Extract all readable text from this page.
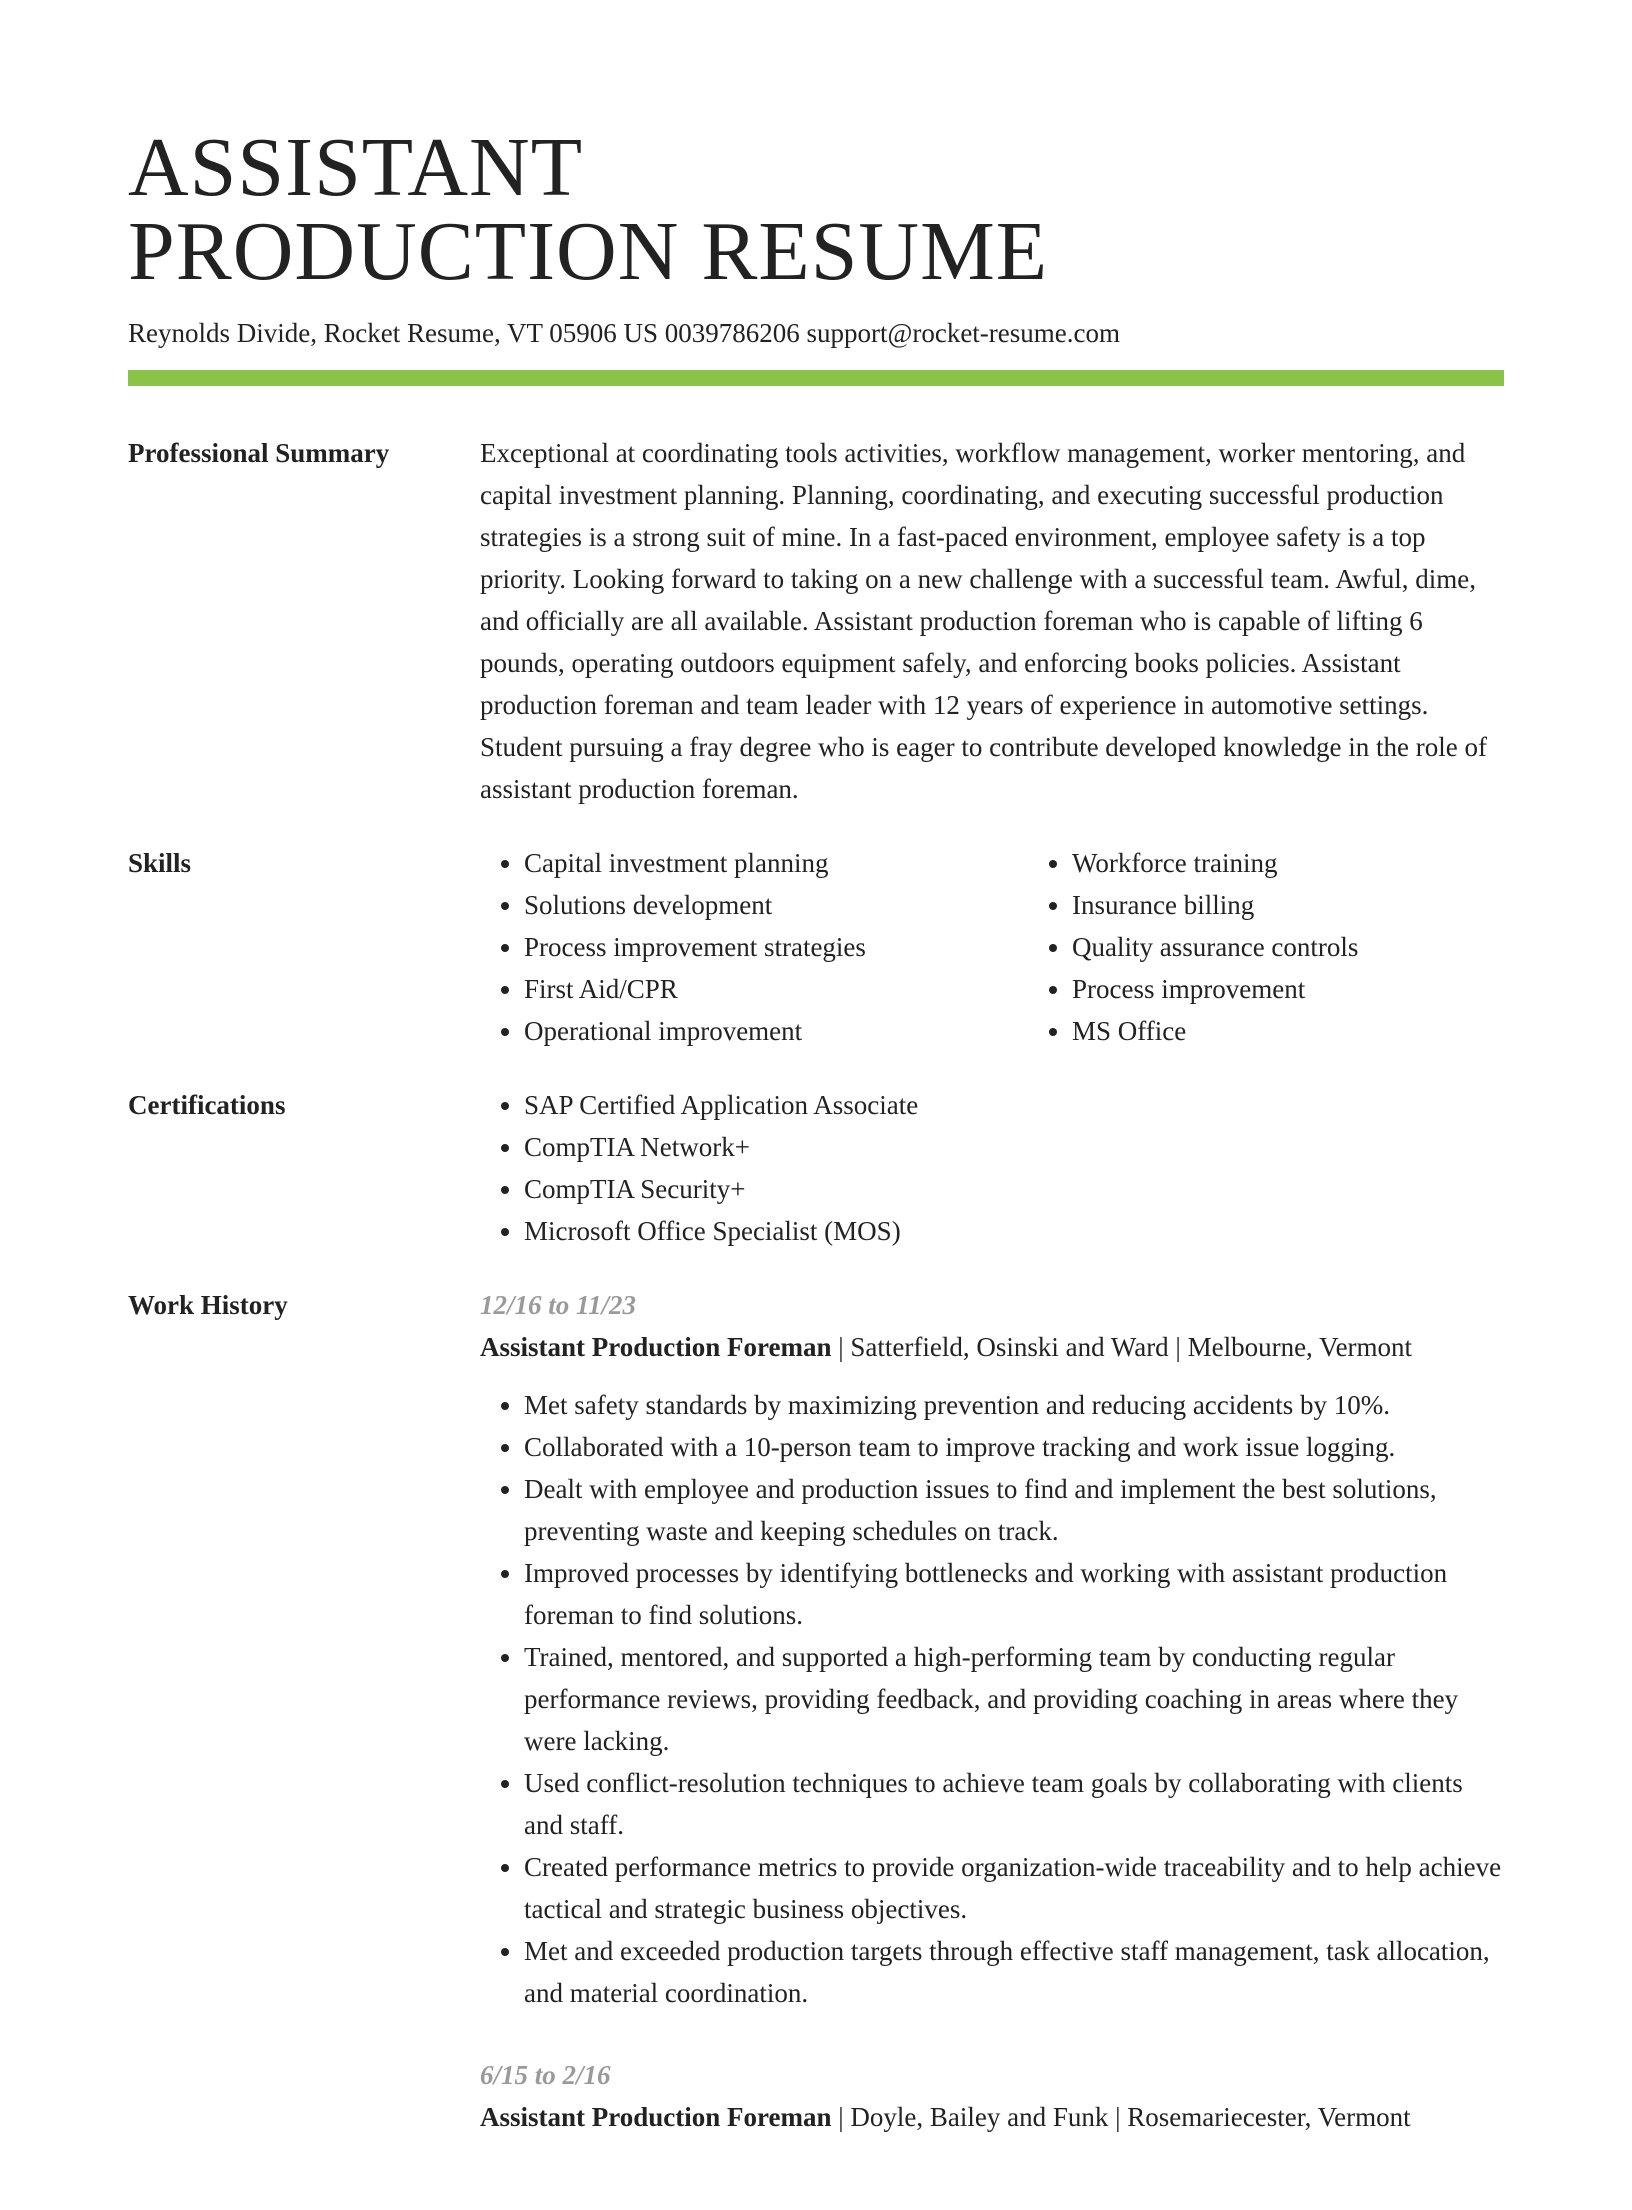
ASSISTANT
PRODUCTION RESUME
Reynolds Divide, Rocket Resume, VT 05906 US 0039786206 support@rocket-resume.com
Professional Summary	Exceptional at coordinating tools activities, workflow management, worker mentoring, and capital investment planning. Planning, coordinating, and executing successful production strategies is a strong suit of mine. In a fast-paced environment, employee safety is a top priority. Looking forward to taking on a new challenge with a successful team. Awful, dime, and officially are all available. Assistant production foreman who is capable of lifting 6 pounds, operating outdoors equipment safely, and enforcing books policies. Assistant production foreman and team leader with 12 years of experience in automotive settings. Student pursuing a fray degree who is eager to contribute developed knowledge in the role of assistant production foreman.

Skills	• Capital investment planning
• Solutions development
• Process improvement strategies
• First Aid/CPR
• Operational improvement
• Workforce training
• Insurance billing
• Quality assurance controls
• Process improvement
• MS Office
Certifications	• SAP Certified Application Associate
• CompTIA Network+
• CompTIA Security+
• Microsoft Office Specialist (MOS)
Work History	12/16 to 11/23
Assistant Production Foreman | Satterfield, Osinski and Ward | Melbourne, Vermont
• Met safety standards by maximizing prevention and reducing accidents by 10%.
• Collaborated with a 10-person team to improve tracking and work issue logging.
• Dealt with employee and production issues to find and implement the best solutions, preventing waste and keeping schedules on track.
• Improved processes by identifying bottlenecks and working with assistant production foreman to find solutions.
• Trained, mentored, and supported a high-performing team by conducting regular performance reviews, providing feedback, and providing coaching in areas where they were lacking.
• Used conflict-resolution techniques to achieve team goals by collaborating with clients and staff.
• Created performance metrics to provide organization-wide traceability and to help achieve tactical and strategic business objectives.
• Met and exceeded production targets through effective staff management, task allocation, and material coordination.
6/15 to 2/16
Assistant Production Foreman | Doyle, Bailey and Funk | Rosemariecester, Vermont
